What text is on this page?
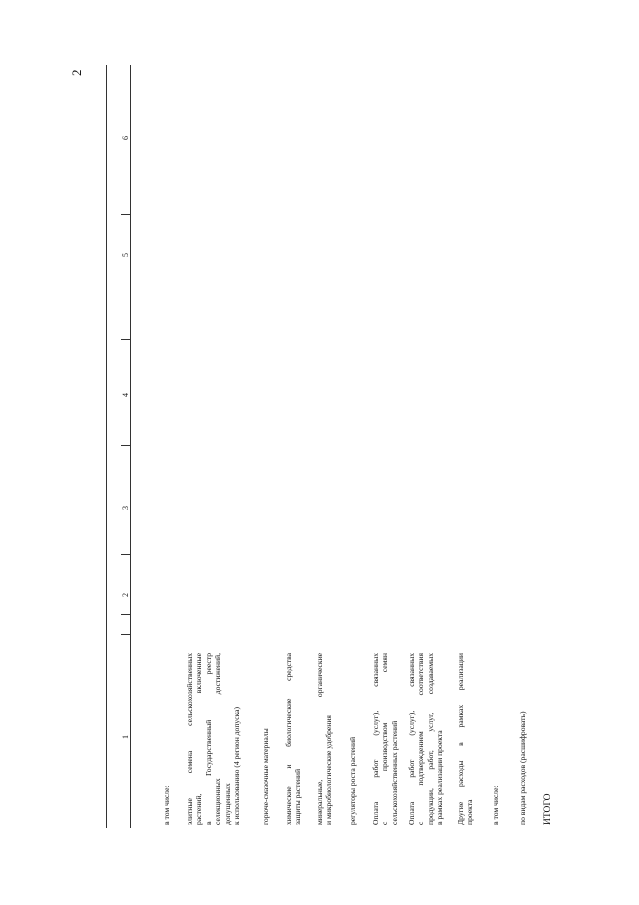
2
1
2
3
4
5
6

в том числе: элитные семена сельскохозяйственных растений, включенные в Государственный реестр селекционных достижений, допущенных к использованию (4 регион допуска)	горюче-смазочные материалы химические и биологические средства защиты растений минеральные, органические и микробиологические удобрения регуляторы роста растений Оплата работ (услуг), связанных с производством семян сельскохозяйственных растений Оплата работ (услуг), связанных с подтверждением соответствия продукции, работ, услуг, создаваемых в рамках реализации проекта Другие расходы в рамках реализации проекта в том числе: по видам расходов (расшифровать) ИТОГО
